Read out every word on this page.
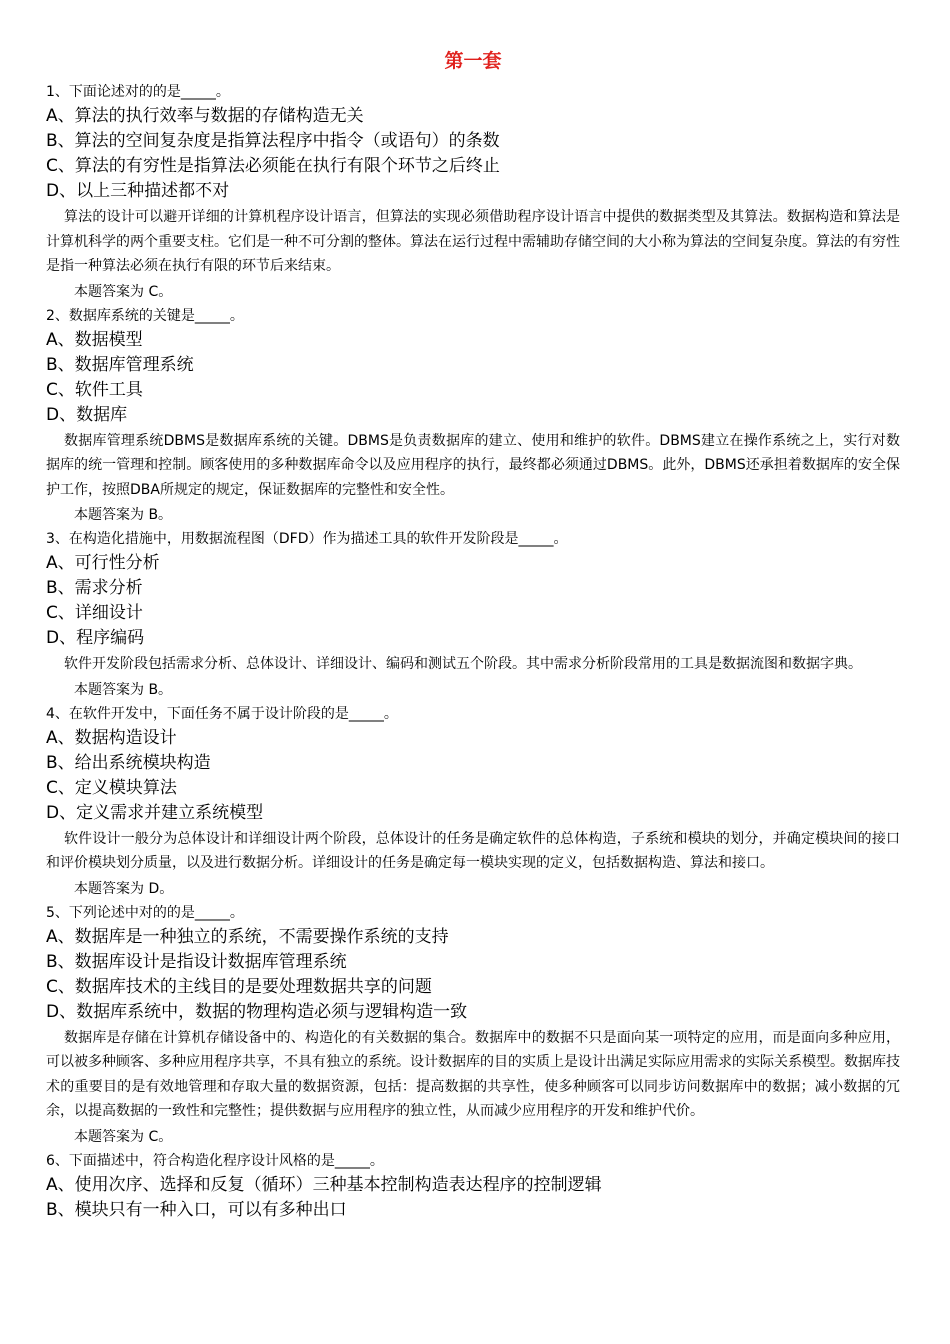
第一套
1、下面论述对的的是_____。
A、算法的执行效率与数据的存储构造无关
B、算法的空间复杂度是指算法程序中指令（或语句）的条数
C、算法的有穷性是指算法必须能在执行有限个环节之后终止
D、以上三种描述都不对
算法的设计可以避开详细的计算机程序设计语言，但算法的实现必须借助程序设计语言中提供的数据类型及其算法。数据构造和算法是计算机科学的两个重要支柱。它们是一种不可分割的整体。算法在运行过程中需辅助存储空间的大小称为算法的空间复杂度。算法的有穷性是指一种算法必须在执行有限的环节后来结束。
本题答案为 C。
2、数据库系统的关键是_____。
A、数据模型
B、数据库管理系统
C、软件工具
D、数据库
数据库管理系统DBMS是数据库系统的关键。DBMS是负责数据库的建立、使用和维护的软件。DBMS建立在操作系统之上，实行对数据库的统一管理和控制。顾客使用的多种数据库命令以及应用程序的执行，最终都必须通过DBMS。此外，DBMS还承担着数据库的安全保护工作，按照DBA所规定的规定，保证数据库的完整性和安全性。
本题答案为 B。
3、在构造化措施中，用数据流程图（DFD）作为描述工具的软件开发阶段是_____。
A、可行性分析
B、需求分析
C、详细设计
D、程序编码
软件开发阶段包括需求分析、总体设计、详细设计、编码和测试五个阶段。其中需求分析阶段常用的工具是数据流图和数据字典。
本题答案为 B。
4、在软件开发中，下面任务不属于设计阶段的是_____。
A、数据构造设计
B、给出系统模块构造
C、定义模块算法
D、定义需求并建立系统模型
软件设计一般分为总体设计和详细设计两个阶段，总体设计的任务是确定软件的总体构造，子系统和模块的划分，并确定模块间的接口和评价模块划分质量，以及进行数据分析。详细设计的任务是确定每一模块实现的定义，包括数据构造、算法和接口。
本题答案为 D。
5、下列论述中对的的是_____。
A、数据库是一种独立的系统，不需要操作系统的支持
B、数据库设计是指设计数据库管理系统
C、数据库技术的主线目的是要处理数据共享的问题
D、数据库系统中，数据的物理构造必须与逻辑构造一致
数据库是存储在计算机存储设备中的、构造化的有关数据的集合。数据库中的数据不只是面向某一项特定的应用，而是面向多种应用，可以被多种顾客、多种应用程序共享，不具有独立的系统。设计数据库的目的实质上是设计出满足实际应用需求的实际关系模型。数据库技术的重要目的是有效地管理和存取大量的数据资源，包括：提高数据的共享性，使多种顾客可以同步访问数据库中的数据；减小数据的冗余，以提高数据的一致性和完整性；提供数据与应用程序的独立性，从而减少应用程序的开发和维护代价。
本题答案为 C。
6、下面描述中，符合构造化程序设计风格的是_____。
A、使用次序、选择和反复（循环）三种基本控制构造表达程序的控制逻辑
B、模块只有一种入口，可以有多种出口
